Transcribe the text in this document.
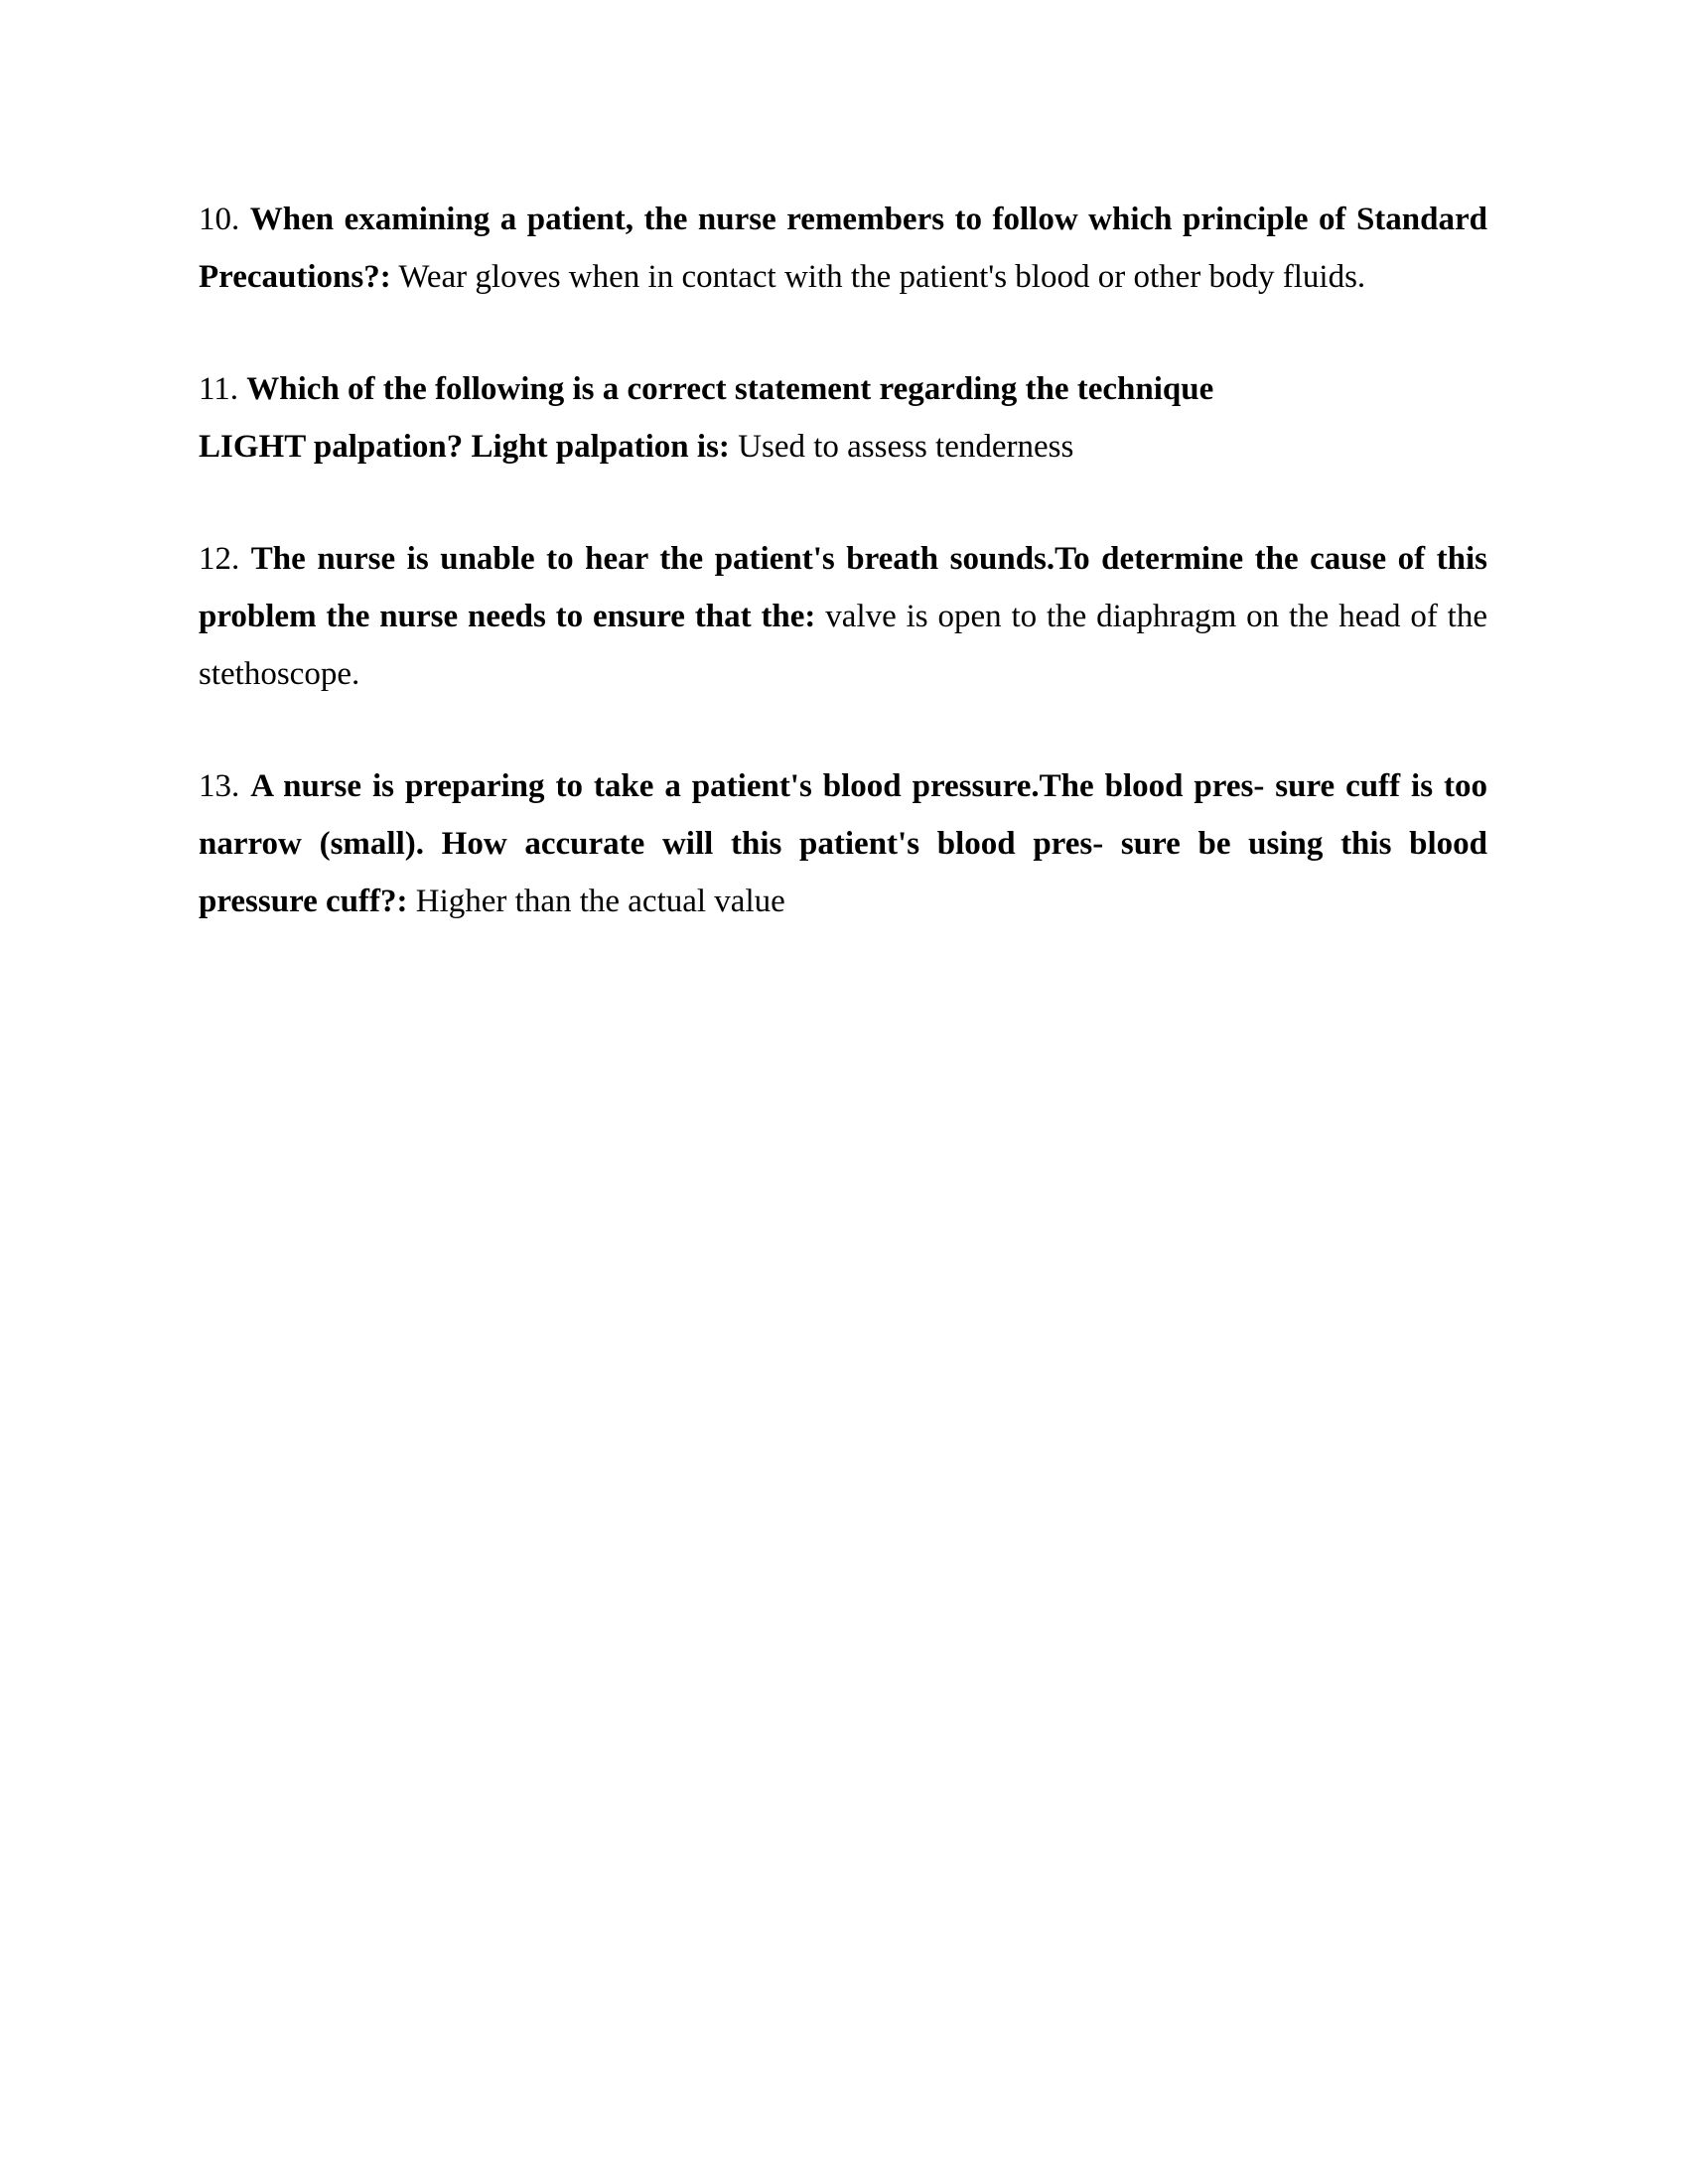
10. When examining a patient, the nurse remembers to follow which principle of Standard Precautions?: Wear gloves when in contact with the patient's blood or other body fluids.

11. Which of the following is a correct statement regarding the technique
LIGHT palpation? Light palpation is: Used to assess tenderness

12. The nurse is unable to hear the patient's breath sounds.To determine the cause of this problem the nurse needs to ensure that the: valve is open to the diaphragm on the head of the stethoscope.

13. A nurse is preparing to take a patient's blood pressure.The blood pres- sure cuff is too narrow (small). How accurate will this patient's blood pres- sure be using this blood pressure cuff?: Higher than the actual value
